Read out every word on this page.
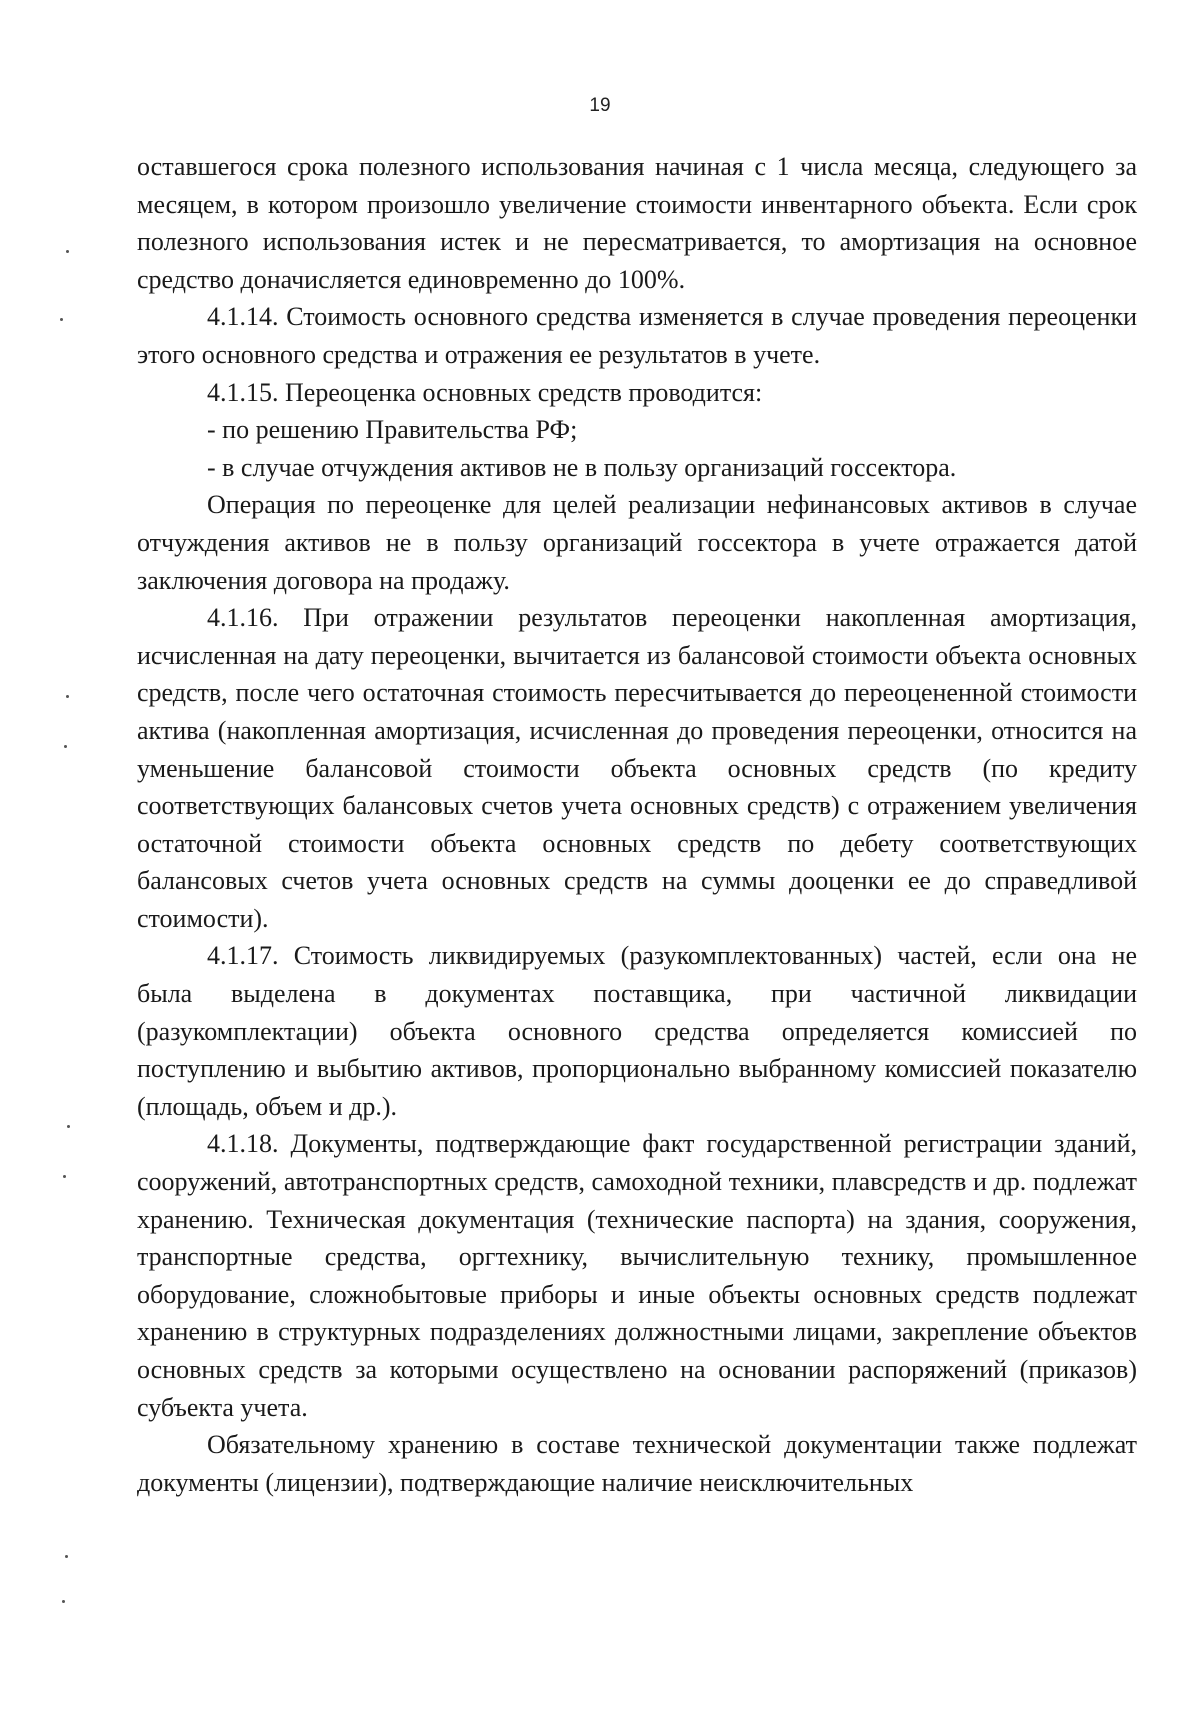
19

оставшегося срока полезного использования начиная с 1 числа месяца, следующего за месяцем, в котором произошло увеличение стоимости инвентарного объекта. Если срок полезного использования истек и не пересматривается, то амортизация на основное средство доначисляется единовременно до 100%.

4.1.14. Стоимость основного средства изменяется в случае проведения переоценки этого основного средства и отражения ее результатов в учете.

4.1.15. Переоценка основных средств проводится:

- по решению Правительства РФ;

- в случае отчуждения активов не в пользу организаций госсектора.

Операция по переоценке для целей реализации нефинансовых активов в случае отчуждения активов не в пользу организаций госсектора в учете отражается датой заключения договора на продажу.

4.1.16. При отражении результатов переоценки накопленная амортизация, исчисленная на дату переоценки, вычитается из балансовой стоимости объекта основных средств, после чего остаточная стоимость пересчитывается до переоцененной стоимости актива (накопленная амортизация, исчисленная до проведения переоценки, относится на уменьшение балансовой стоимости объекта основных средств (по кредиту соответствующих балансовых счетов учета основных средств) с отражением увеличения остаточной стоимости объекта основных средств по дебету соответствующих балансовых счетов учета основных средств на суммы дооценки ее до справедливой стоимости).

4.1.17. Стоимость ликвидируемых (разукомплектованных) частей, если она не была выделена в документах поставщика, при частичной ликвидации (разукомплектации) объекта основного средства определяется комиссией по поступлению и выбытию активов, пропорционально выбранному комиссией показателю (площадь, объем и др.).

4.1.18. Документы, подтверждающие факт государственной регистрации зданий, сооружений, автотранспортных средств, самоходной техники, плавсредств и др. подлежат хранению. Техническая документация (технические паспорта) на здания, сооружения, транспортные средства, оргтехнику, вычислительную технику, промышленное оборудование, сложнобытовые приборы и иные объекты основных средств подлежат хранению в структурных подразделениях должностными лицами, закрепление объектов основных средств за которыми осуществлено на основании распоряжений (приказов) субъекта учета.

Обязательному хранению в составе технической документации также подлежат документы (лицензии), подтверждающие наличие неисключительных
